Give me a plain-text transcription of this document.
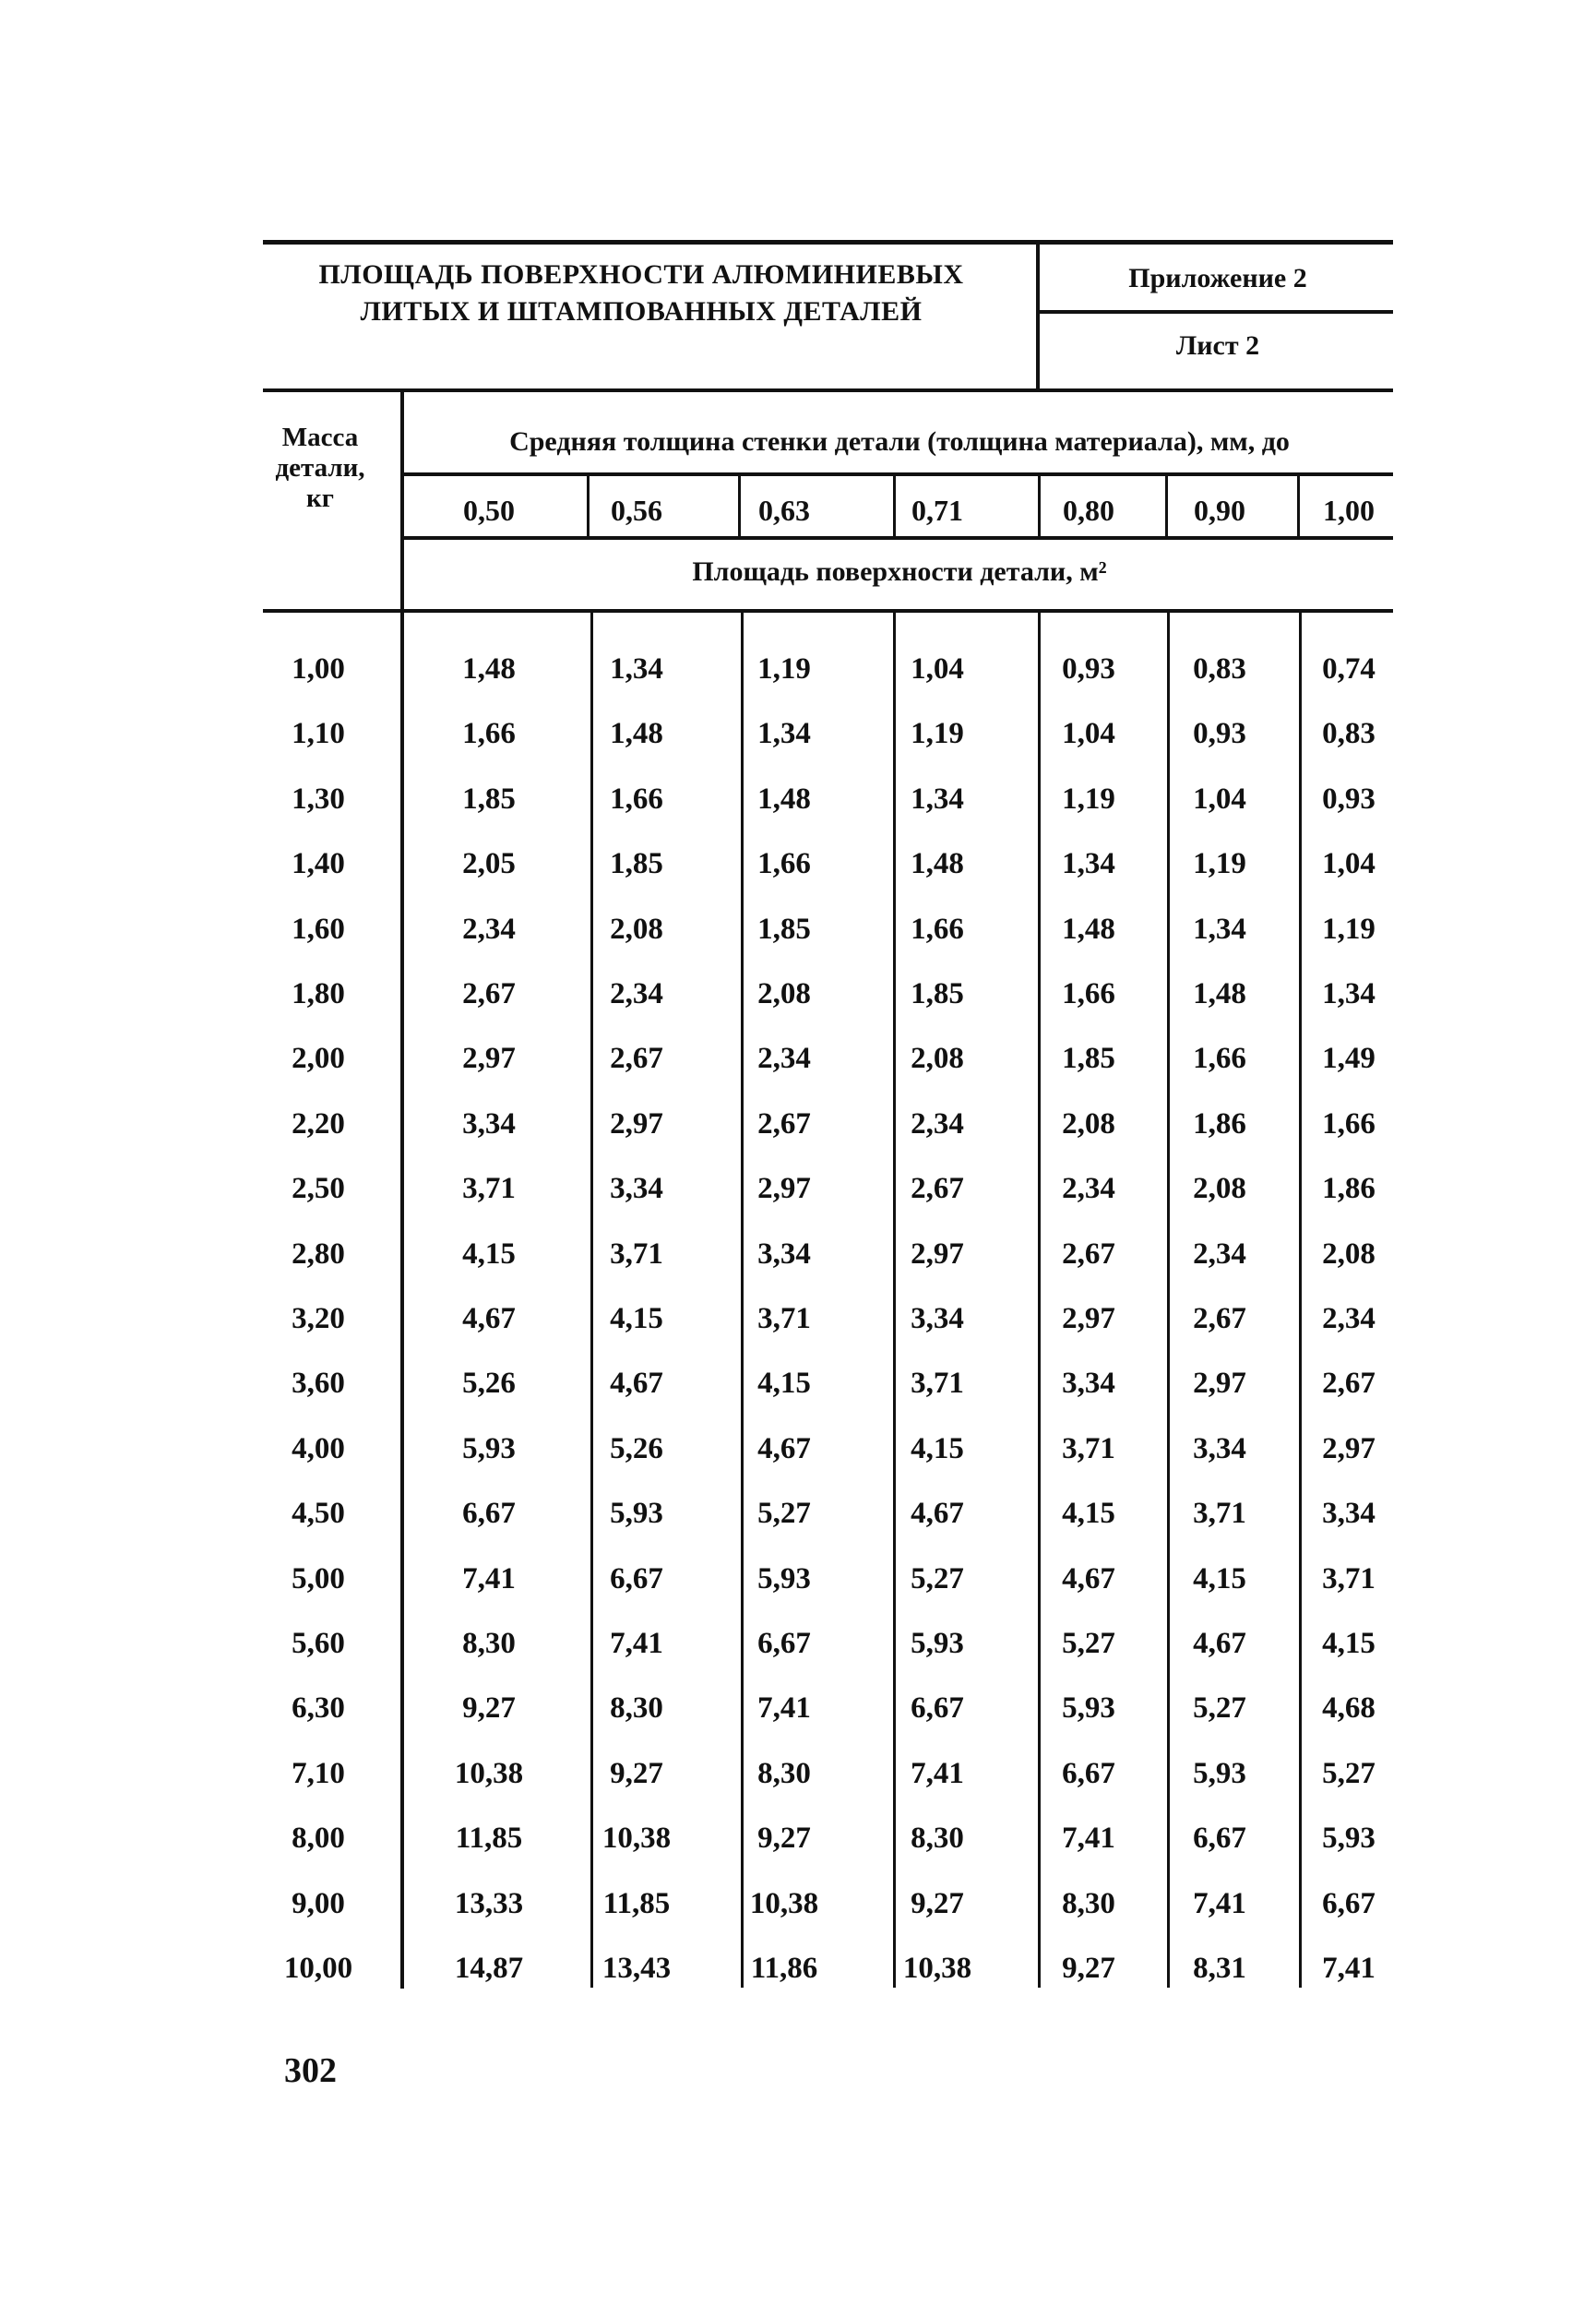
ПЛОЩАДЬ ПОВЕРХНОСТИ АЛЮМИНИЕВЫХ
ЛИТЫХ И ШТАМПОВАННЫХ ДЕТАЛЕЙ
Приложение 2
Лист 2
Масса
детали,
кг
Средняя толщина стенки детали (толщина материала), мм, до
Площадь поверхности детали, м²
0,50	0,56	0,63	0,71	0,80	0,90	1,00
1,00	1,48	1,34	1,19	1,04	0,93	0,83	0,74
1,10	1,66	1,48	1,34	1,19	1,04	0,93	0,83
1,30	1,85	1,66	1,48	1,34	1,19	1,04	0,93
1,40	2,05	1,85	1,66	1,48	1,34	1,19	1,04
1,60	2,34	2,08	1,85	1,66	1,48	1,34	1,19
1,80	2,67	2,34	2,08	1,85	1,66	1,48	1,34
2,00	2,97	2,67	2,34	2,08	1,85	1,66	1,49
2,20	3,34	2,97	2,67	2,34	2,08	1,86	1,66
2,50	3,71	3,34	2,97	2,67	2,34	2,08	1,86
2,80	4,15	3,71	3,34	2,97	2,67	2,34	2,08
3,20	4,67	4,15	3,71	3,34	2,97	2,67	2,34
3,60	5,26	4,67	4,15	3,71	3,34	2,97	2,67
4,00	5,93	5,26	4,67	4,15	3,71	3,34	2,97
4,50	6,67	5,93	5,27	4,67	4,15	3,71	3,34
5,00	7,41	6,67	5,93	5,27	4,67	4,15	3,71
5,60	8,30	7,41	6,67	5,93	5,27	4,67	4,15
6,30	9,27	8,30	7,41	6,67	5,93	5,27	4,68
7,10	10,38	9,27	8,30	7,41	6,67	5,93	5,27
8,00	11,85	10,38	9,27	8,30	7,41	6,67	5,93
9,00	13,33	11,85	10,38	9,27	8,30	7,41	6,67
10,00	14,87	13,43	11,86	10,38	9,27	8,31	7,41
302
